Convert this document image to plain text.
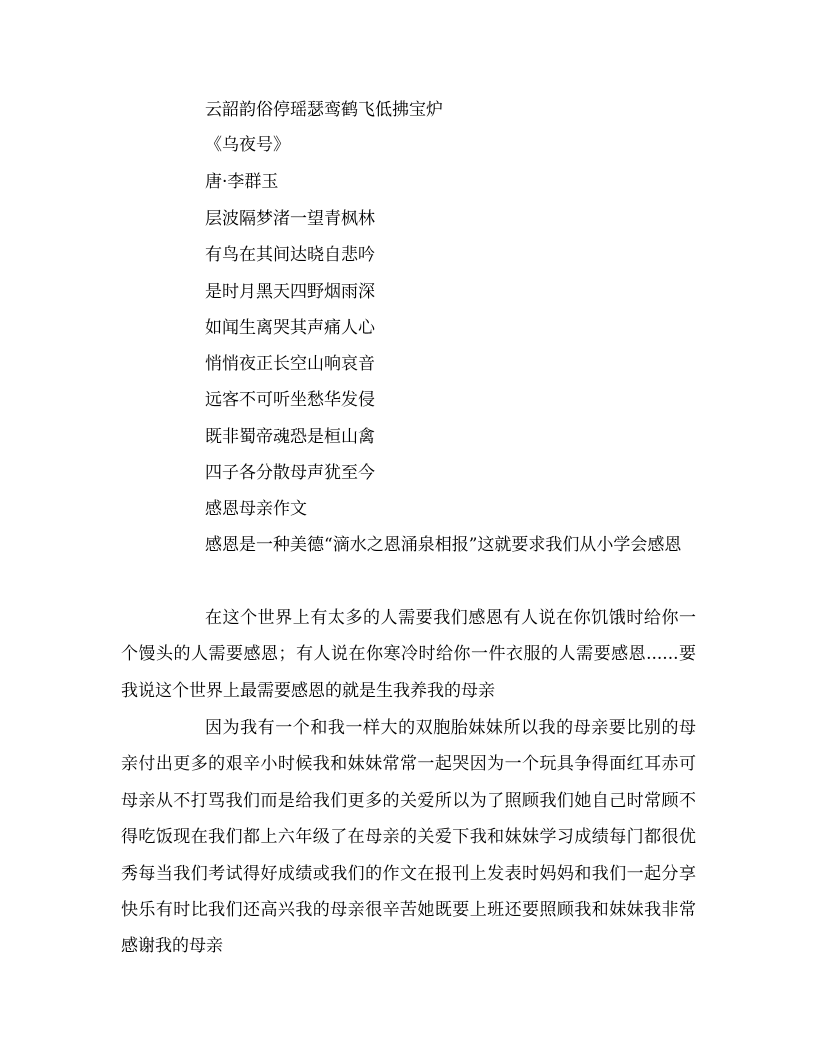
云韶韵俗停瑶瑟鸾鹤飞低拂宝炉
《乌夜号》
唐·李群玉
层波隔梦渚一望青枫林
有鸟在其间达晓自悲吟
是时月黑天四野烟雨深
如闻生离哭其声痛人心
悄悄夜正长空山响哀音
远客不可听坐愁华发侵
既非蜀帝魂恐是桓山禽
四子各分散母声犹至今
感恩母亲作文
感恩是一种美德“滴水之恩涌泉相报”这就要求我们从小学会感恩
在这个世界上有太多的人需要我们感恩有人说在你饥饿时给你一个馒头的人需要感恩；有人说在你寒冷时给你一件衣服的人需要感恩......要我说这个世界上最需要感恩的就是生我养我的母亲
因为我有一个和我一样大的双胞胎妹妹所以我的母亲要比别的母亲付出更多的艰辛小时候我和妹妹常常一起哭因为一个玩具争得面红耳赤可母亲从不打骂我们而是给我们更多的关爱所以为了照顾我们她自己时常顾不得吃饭现在我们都上六年级了在母亲的关爱下我和妹妹学习成绩每门都很优秀每当我们考试得好成绩或我们的作文在报刊上发表时妈妈和我们一起分享快乐有时比我们还高兴我的母亲很辛苦她既要上班还要照顾我和妹妹我非常感谢我的母亲
